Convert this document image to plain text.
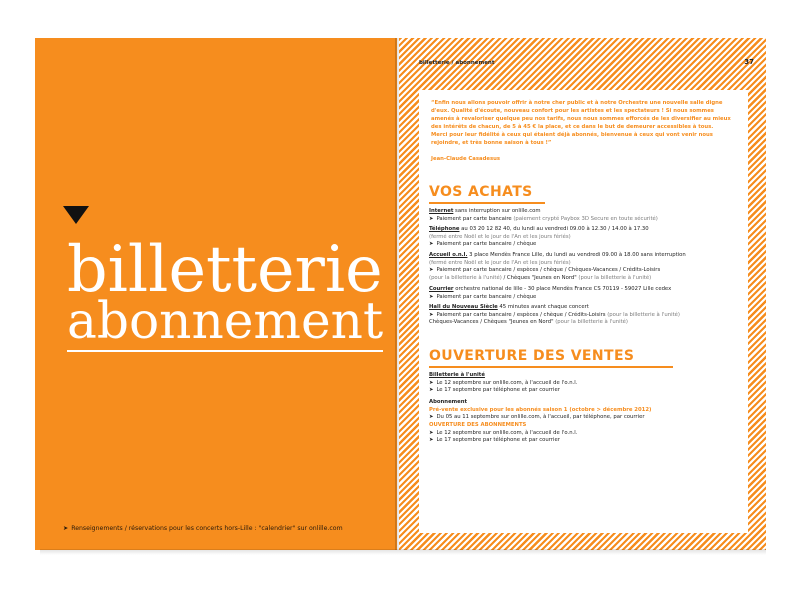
billetterie
abonnement
➤ Renseignements / réservations pour les concerts hors-Lille : "calendrier" sur onlille.com
billetterie / abonnement	37
“Enfin nous allons pouvoir offrir à notre cher public et à notre Orchestre une nouvelle salle digne d'eux. Qualité d'écoute, nouveau confort pour les artistes et les spectateurs ! Si nous sommes amenés à revaloriser quelque peu nos tarifs, nous nous sommes efforcés de les diversifier au mieux des intérêts de chacun, de 5 à 45 € la place, et ce dans le but de demeurer accessibles à tous. Merci pour leur fidélité à ceux qui étaient déjà abonnés, bienvenue à ceux qui vont venir nous rejoindre, et très bonne saison à tous !”
Jean-Claude Casadesus
VOS ACHATS
Internet sans interruption sur onlille.com
➤ Paiement par carte bancaire (paiement crypté Paybox 3D Secure en toute sécurité)
Téléphone au 03 20 12 82 40, du lundi au vendredi 09.00 à 12.30 / 14.00 à 17.30
(fermé entre Noël et le jour de l'An et les jours fériés)
➤ Paiement par carte bancaire / chèque
Accueil o.n.l. 3 place Mendès France Lille, du lundi au vendredi 09.00 à 18.00 sans interruption
(fermé entre Noël et le jour de l'An et les jours fériés)
➤ Paiement par carte bancaire / espèces / chèque / Chèques-Vacances / Crédits-Loisirs
(pour la billetterie à l'unité) / Chèques "Jeunes en Nord" (pour la billetterie à l'unité)
Courrier orchestre national de lille - 30 place Mendès France CS 70119 - 59027 Lille cedex
➤ Paiement par carte bancaire / chèque
Hall du Nouveau Siècle 45 minutes avant chaque concert
➤ Paiement par carte bancaire / espèces / chèque / Crédits-Loisirs (pour la billetterie à l'unité)
Chèques-Vacances / Chèques "Jeunes en Nord" (pour la billetterie à l'unité)
OUVERTURE DES VENTES
Billetterie à l'unité
➤ Le 12 septembre sur onlille.com, à l'accueil de l'o.n.l.
➤ Le 17 septembre par téléphone et par courrier
Abonnement
Pré-vente exclusive pour les abonnés saison 1 (octobre > décembre 2012)
➤ Du 05 au 11 septembre sur onlille.com, à l'accueil, par téléphone, par courrier
OUVERTURE DES ABONNEMENTS
➤ Le 12 septembre sur onlille.com, à l'accueil de l'o.n.l.
➤ Le 17 septembre par téléphone et par courrier
